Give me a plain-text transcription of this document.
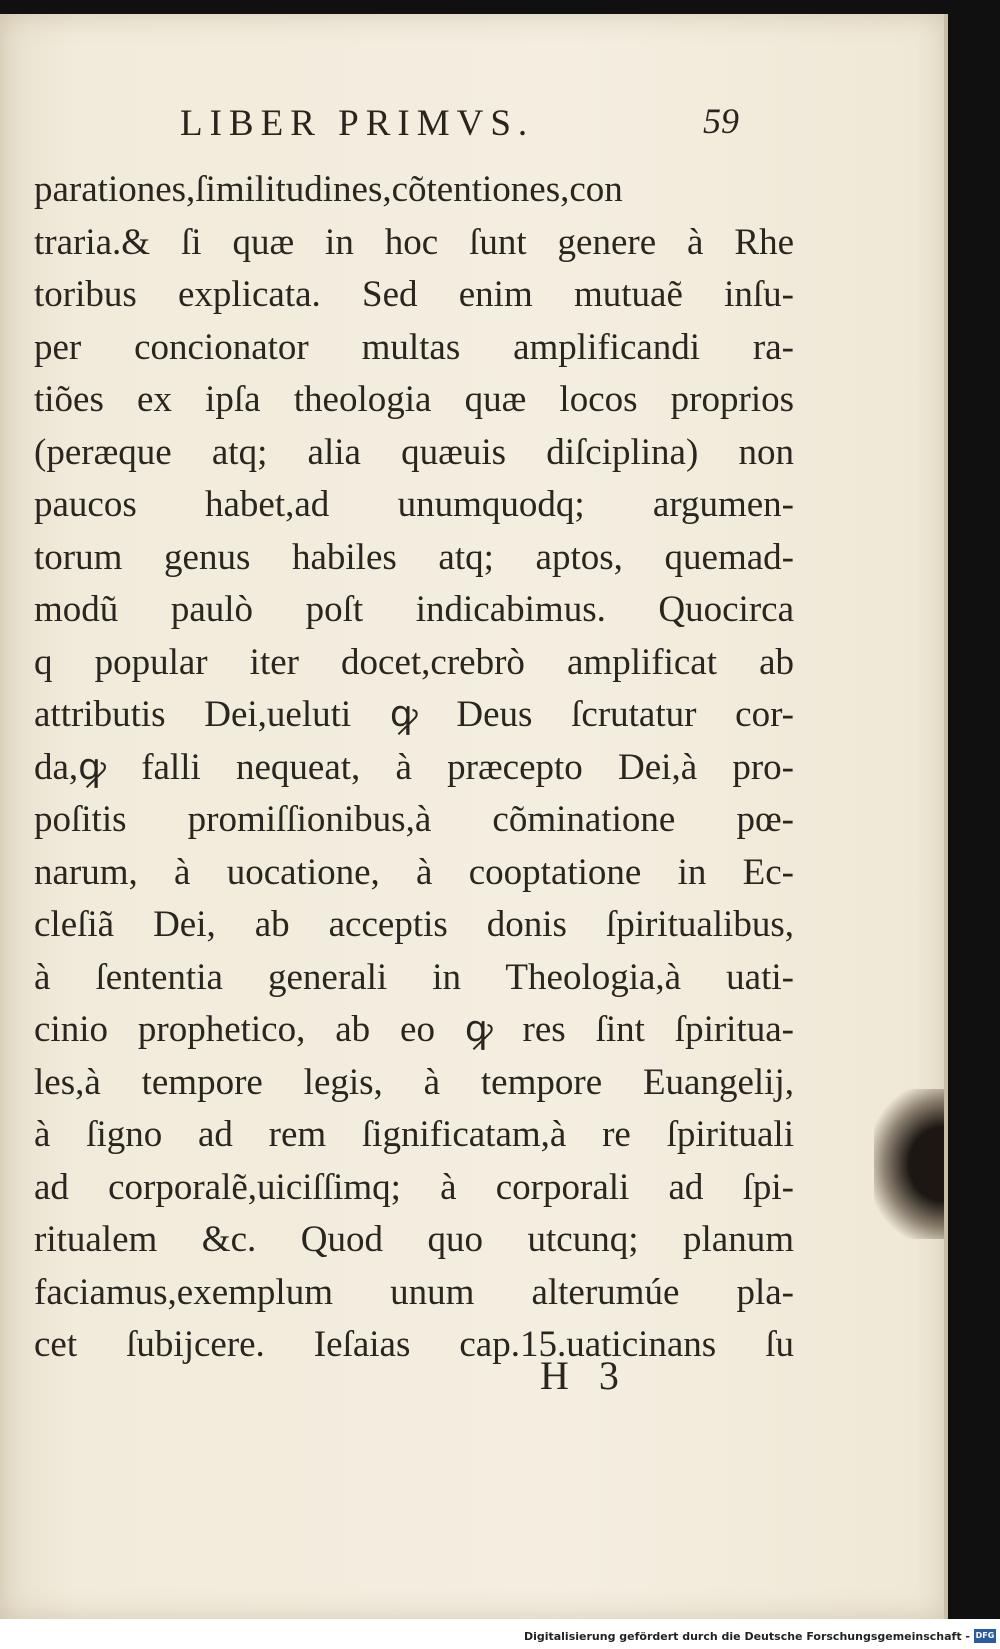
LIBER PRIMVS.	59
parationes,ſimilitudines,cõtentiones,con
traria.& ſi quæ in hoc ſunt genere à Rhe
toribus explicata. Sed enim mutuaẽ inſu-
per concionator multas amplificandi ra-
tiões ex ipſa theologia quæ locos proprios
(peræque atq; alia quæuis diſciplina) non
paucos habet,ad unumquodq; argumen-
torum genus habiles atq; aptos, quemad-
modũ paulò poſt indicabimus. Quocirca
q popular iter docet,crebrò amplificat ab
attributis Dei,ueluti ꝙ Deus ſcrutatur cor-
da,ꝙ falli nequeat, à præcepto Dei,à pro-
poſitis promiſſionibus,à cõminatione pœ-
narum, à uocatione, à cooptatione in Ec-
cleſiã Dei, ab acceptis donis ſpiritualibus,
à ſententia generali in Theologia,à uati-
cinio prophetico, ab eo ꝙ res ſint ſpiritua-
les,à tempore legis, à tempore Euangelij,
à ſigno ad rem ſignificatam,à re ſpirituali
ad corporalẽ,uiciſſimq; à corporali ad ſpi-
ritualem &c. Quod quo utcunq; planum
faciamus,exemplum unum alterumúe pla-
cet ſubijcere. Ieſaias cap.15.uaticinans ſu
H 3
Digitalisierung gefördert durch die Deutsche Forschungsgemeinschaft - DFG
